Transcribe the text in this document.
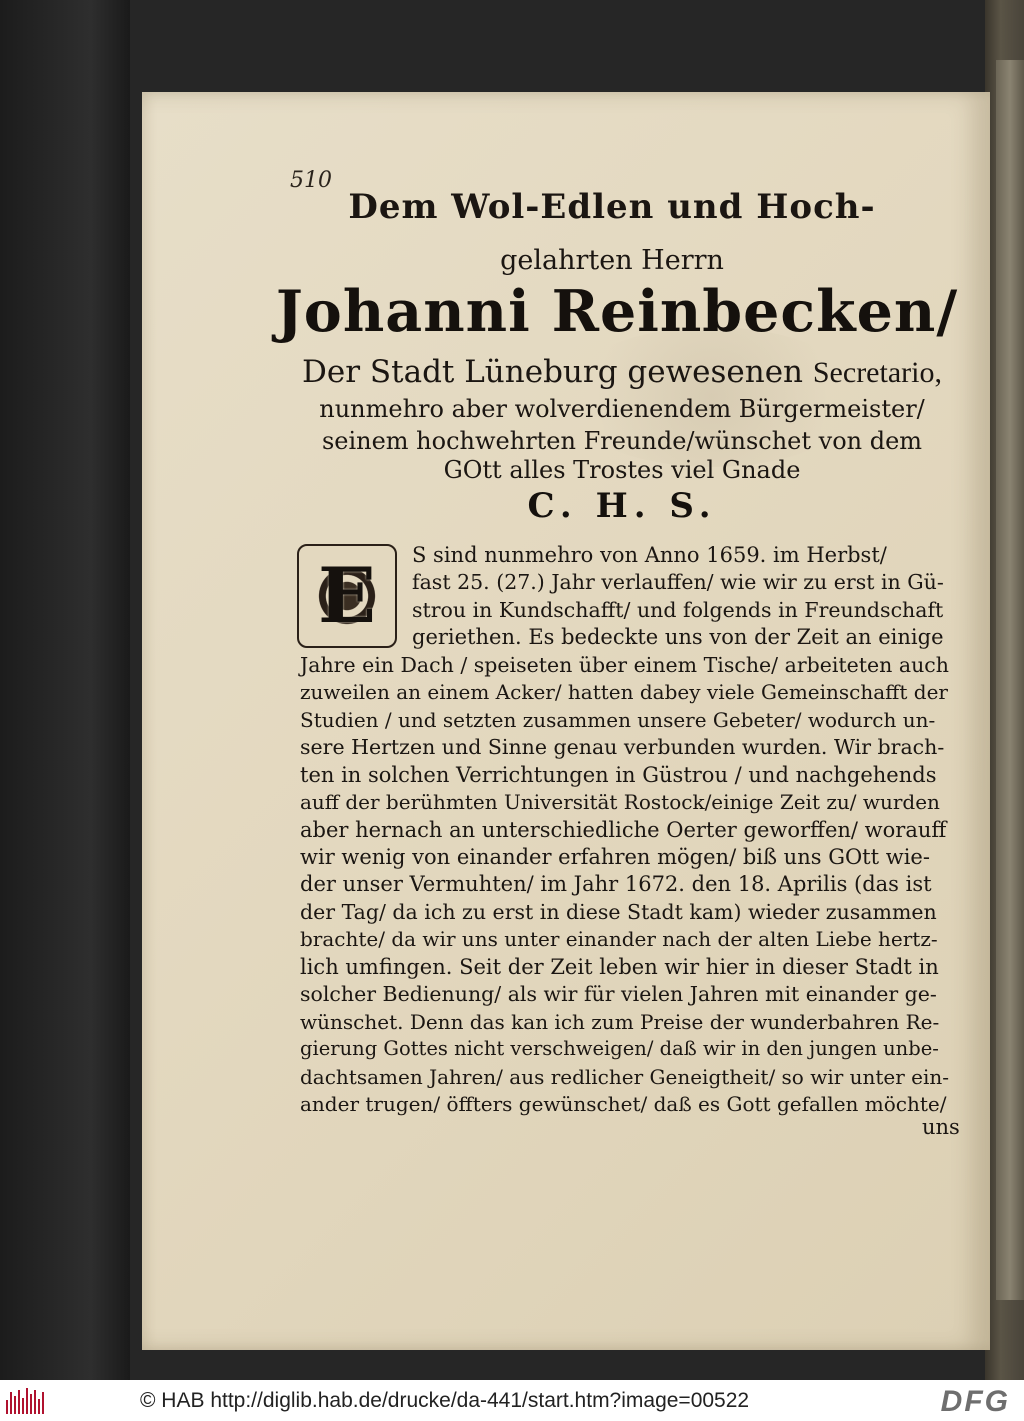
510
Dem Wol-Edlen und Hoch-
gelahrten Herrn
Johanni Reinbecken/
Der Stadt Lüneburg gewesenen Secretario,
nunmehro aber wolverdienendem Bürgermeister/
seinem hochwehrten Freunde/wünschet von dem
GOtt alles Trostes viel Gnade
C. H. S.
E S sind nunmehro von Anno 1659. im Herbst/
fast 25. (27.) Jahr verlauffen/ wie wir zu erst in Gü-
strou in Kundschafft/ und folgends in Freundschaft
geriethen. Es bedeckte uns von der Zeit an einige
Jahre ein Dach / speiseten über einem Tische/ arbeiteten auch
zuweilen an einem Acker/ hatten dabey viele Gemeinschafft der
Studien / und setzten zusammen unsere Gebeter/ wodurch un-
sere Hertzen und Sinne genau verbunden wurden. Wir brach-
ten in solchen Verrichtungen in Güstrou / und nachgehends
auff der berühmten Universität Rostock/einige Zeit zu/ wurden
aber hernach an unterschiedliche Oerter geworffen/ worauff
wir wenig von einander erfahren mögen/ biß uns GOtt wie-
der unser Vermuhten/ im Jahr 1672. den 18. Aprilis (das ist
der Tag/ da ich zu erst in diese Stadt kam) wieder zusammen
brachte/ da wir uns unter einander nach der alten Liebe hertz-
lich umfingen. Seit der Zeit leben wir hier in dieser Stadt in
solcher Bedienung/ als wir für vielen Jahren mit einander ge-
wünschet. Denn das kan ich zum Preise der wunderbahren Re-
gierung Gottes nicht verschweigen/ daß wir in den jungen unbe-
dachtsamen Jahren/ aus redlicher Geneigtheit/ so wir unter ein-
ander trugen/ öffters gewünschet/ daß es Gott gefallen möchte/
uns
© HAB http://diglib.hab.de/drucke/da-441/start.htm?image=00522	DFG
